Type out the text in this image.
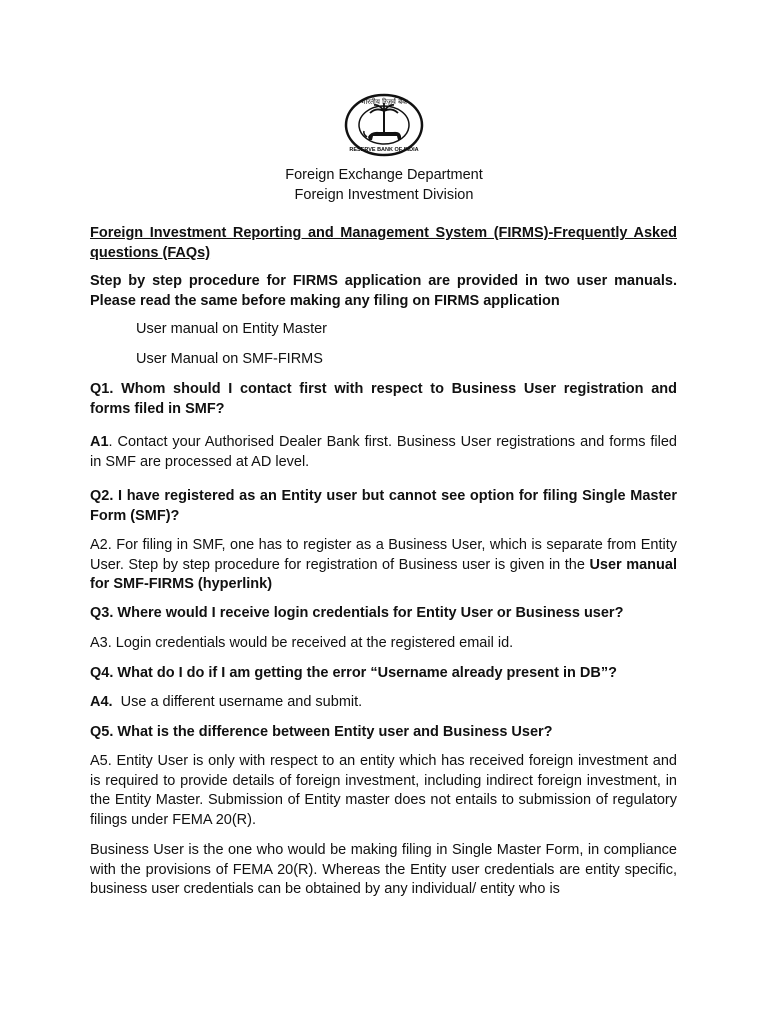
भारतीय रिज़र्व बैंक
RESERVE BANK OF INDIA
Foreign Exchange Department
Foreign Investment Division
Foreign Investment Reporting and Management System (FIRMS)-Frequently Asked questions (FAQs)
Step by step procedure for FIRMS application are provided in two user manuals. Please read the same before making any filing on FIRMS application
User manual on Entity Master
User Manual on SMF-FIRMS
Q1. Whom should I contact first with respect to Business User registration and forms filed in SMF?
A1. Contact your Authorised Dealer Bank first. Business User registrations and forms filed in SMF are processed at AD level.
Q2. I have registered as an Entity user but cannot see option for filing Single Master Form (SMF)?
A2. For filing in SMF, one has to register as a Business User, which is separate from Entity User. Step by step procedure for registration of Business user is given in the User manual for SMF-FIRMS (hyperlink)
Q3. Where would I receive login credentials for Entity User or Business user?
A3. Login credentials would be received at the registered email id.
Q4. What do I do if I am getting the error “Username already present in DB”?
A4. Use a different username and submit.
Q5. What is the difference between Entity user and Business User?
A5. Entity User is only with respect to an entity which has received foreign investment and is required to provide details of foreign investment, including indirect foreign investment, in the Entity Master. Submission of Entity master does not entails to submission of regulatory filings under FEMA 20(R).
Business User is the one who would be making filing in Single Master Form, in compliance with the provisions of FEMA 20(R). Whereas the Entity user credentials are entity specific, business user credentials can be obtained by any individual/ entity who is
